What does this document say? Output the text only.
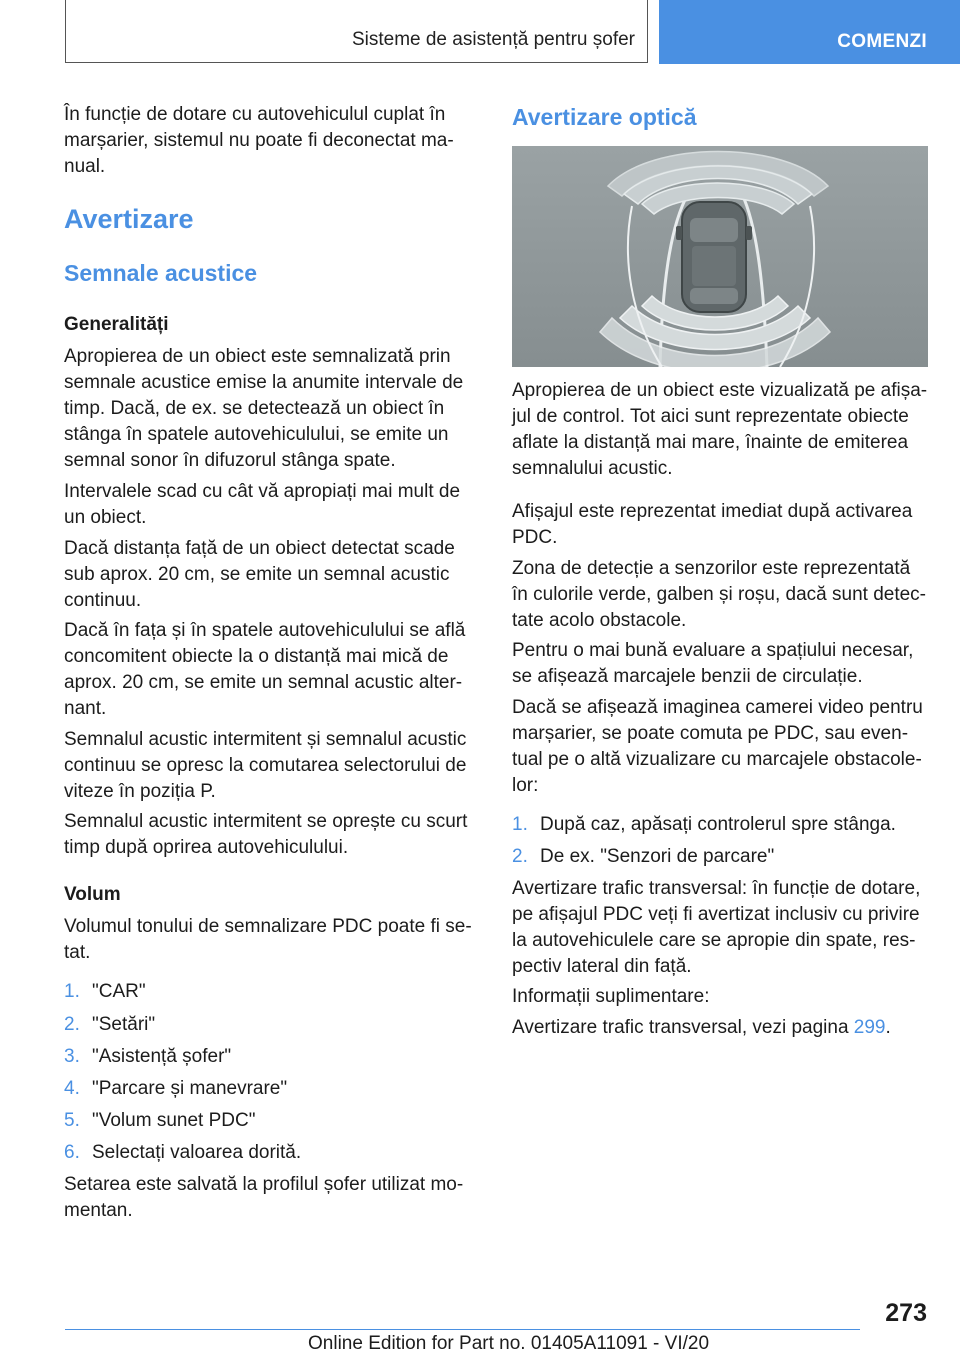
Sisteme de asistență pentru șofer	COMENZI

În funcție de dotare cu autovehiculul cuplat în

marșarier, sistemul nu poate fi deconectat ma-

nual.

Avertizare
Semnale acustice
Generalități

Apropierea de un obiect este semnalizată prin

semnale acustice emise la anumite intervale de

timp. Dacă, de ex. se detectează un obiect în

stânga în spatele autovehiculului, se emite un

semnal sonor în difuzorul stânga spate.

Intervalele scad cu cât vă apropiați mai mult de

un obiect.

Dacă distanța față de un obiect detectat scade

sub aprox. 20 cm, se emite un semnal acustic

continuu.

Dacă în fața și în spatele autovehiculului se află

concomitent obiecte la o distanță mai mică de

aprox. 20 cm, se emite un semnal acustic alter-

nant.

Semnalul acustic intermitent și semnalul acustic

continuu se opresc la comutarea selectorului de

viteze în poziția P.

Semnalul acustic intermitent se oprește cu scurt

timp după oprirea autovehiculului.

Volum

Volumul tonului de semnalizare PDC poate fi se-

tat.

1. "CAR"
2. "Setări"
3. "Asistență șofer"
4. "Parcare și manevrare"
5. "Volum sunet PDC"
6. Selectați valoarea dorită.

Setarea este salvată la profilul șofer utilizat mo-

mentan.

Avertizare optică

Apropierea de un obiect este vizualizată pe afișa-

jul de control. Tot aici sunt reprezentate obiecte

aflate la distanță mai mare, înainte de emiterea

semnalului acustic.

Afișajul este reprezentat imediat după activarea

PDC.

Zona de detecție a senzorilor este reprezentată

în culorile verde, galben și roșu, dacă sunt detec-

tate acolo obstacole.

Pentru o mai bună evaluare a spațiului necesar,

se afișează marcajele benzii de circulație.

Dacă se afișează imaginea camerei video pentru

marșarier, se poate comuta pe PDC, sau even-

tual pe o altă vizualizare cu marcajele obstacole-

lor:

1. După caz, apăsați controlerul spre stânga.
2. De ex. "Senzori de parcare"

Avertizare trafic transversal: în funcție de dotare,

pe afișajul PDC veți fi avertizat inclusiv cu privire

la autovehiculele care se apropie din spate, res-

pectiv lateral din față.

Informații suplimentare:

Avertizare trafic transversal, vezi pagina 299.

273
Online Edition for Part no. 01405A11091 - VI/20
